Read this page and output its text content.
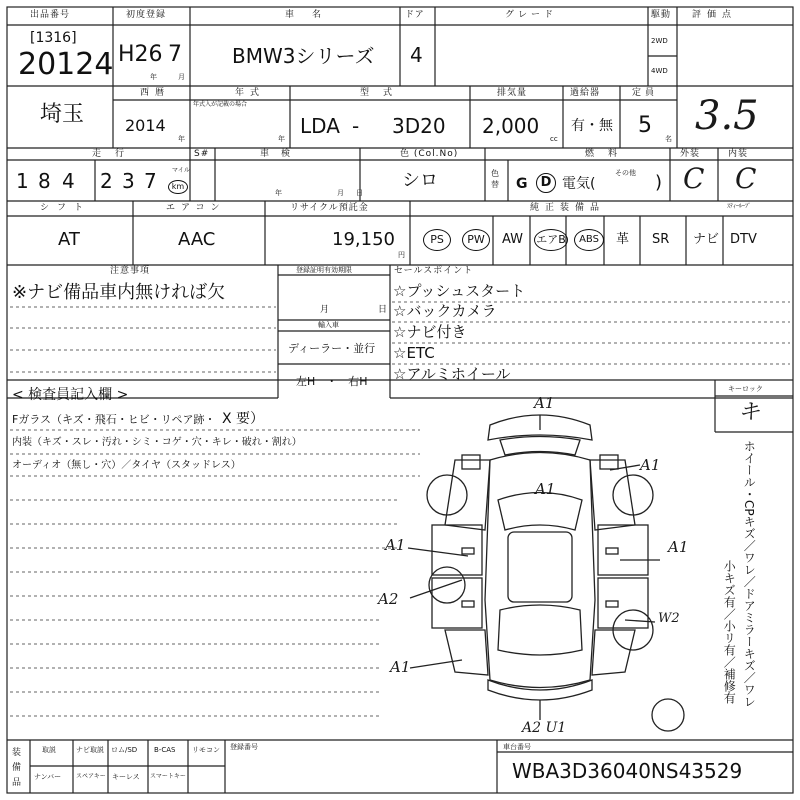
出品番号
[1316]
20124
初度登録
H26 7
年	月
車名
BMW3シリーズ
ドア
4
グレード	駆動
2WD
4WD
評価点
3.5
埼玉
西暦
2014
年
年式
年式入が記載の場合
年
型式
LDA - 3D20
排気量
2,000
cc
過給器
有・無
定員
5
名
走行
1 8 4 2 3 7	マイル
km
S#	車検
年	月 日
色 (Col.No)
シロ	色替
燃料
G	D 電気(
その他 )
外装
C
内装
C
シフト
AT
エアコン
AAC
リサイクル預託金
19,150
円
純正装備品	ｽﾃｨｰﾙｰﾌﾞ
PS	PW	AW エアB	ABS	革 SR ナビ DTV
注意事項
※ナビ備品車内無ければ欠
登録証明有効期限
月	日
輸入車
ディーラー・並行
左H　・　右H
セールスポイント
☆プッシュスタート
☆バックカメラ
☆ナビ付き
☆ETC
☆アルミホイール
< 検査員記入欄 >
Fガラス（キズ・飛石・ヒビ・リペア跡・ X 要）
内装（キズ・スレ・汚れ・シミ・コゲ・穴・キレ・破れ・割れ）
オーディオ（無し・穴）／タイヤ（スタッドレス）
キーロック
キ
ホイール・CPキズ／ワレ／ドアミラーキズ／ワレ
小キズ有／小リ有／補修有
A1
A1
A1
A1	A1
A2
A1
W2
A2 U1
装備品
取説
ナンバー
ナビ取説
スペアキー
ロム/SD
キーレス
B-CAS
スマートキー
リモコン 登録番号	車台番号
WBA3D36040NS43529
